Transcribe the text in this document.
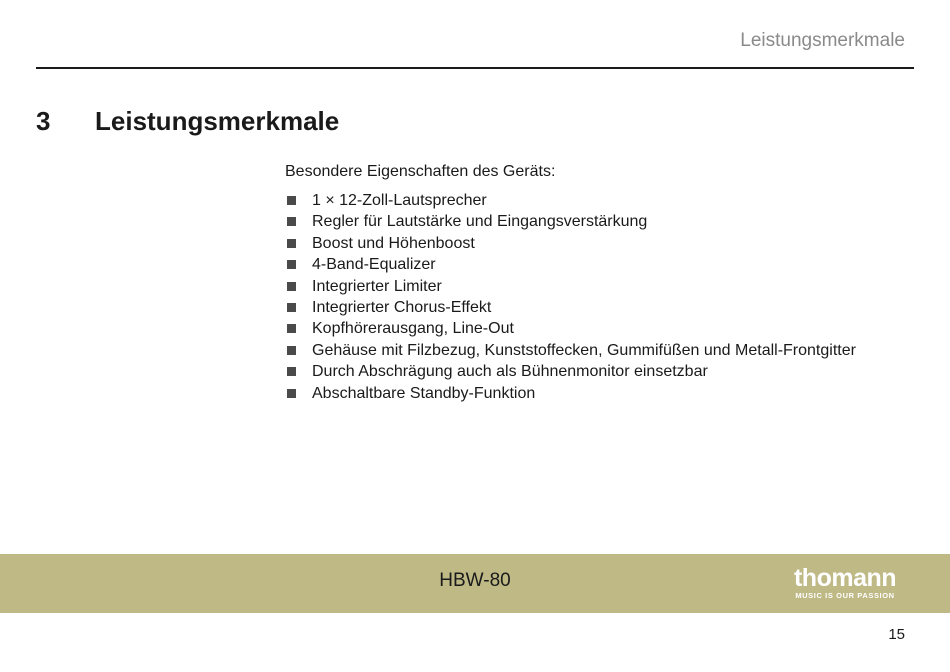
Leistungsmerkmale
3 Leistungsmerkmale
Besondere Eigenschaften des Geräts:
1 × 12-Zoll-Lautsprecher
Regler für Lautstärke und Eingangsverstärkung
Boost und Höhenboost
4-Band-Equalizer
Integrierter Limiter
Integrierter Chorus-Effekt
Kopfhörerausgang, Line-Out
Gehäuse mit Filzbezug, Kunststoffecken, Gummifüßen und Metall-Frontgitter
Durch Abschrägung auch als Bühnenmonitor einsetzbar
Abschaltbare Standby-Funktion
HBW-80	thomann
MUSIC IS OUR PASSION
15
